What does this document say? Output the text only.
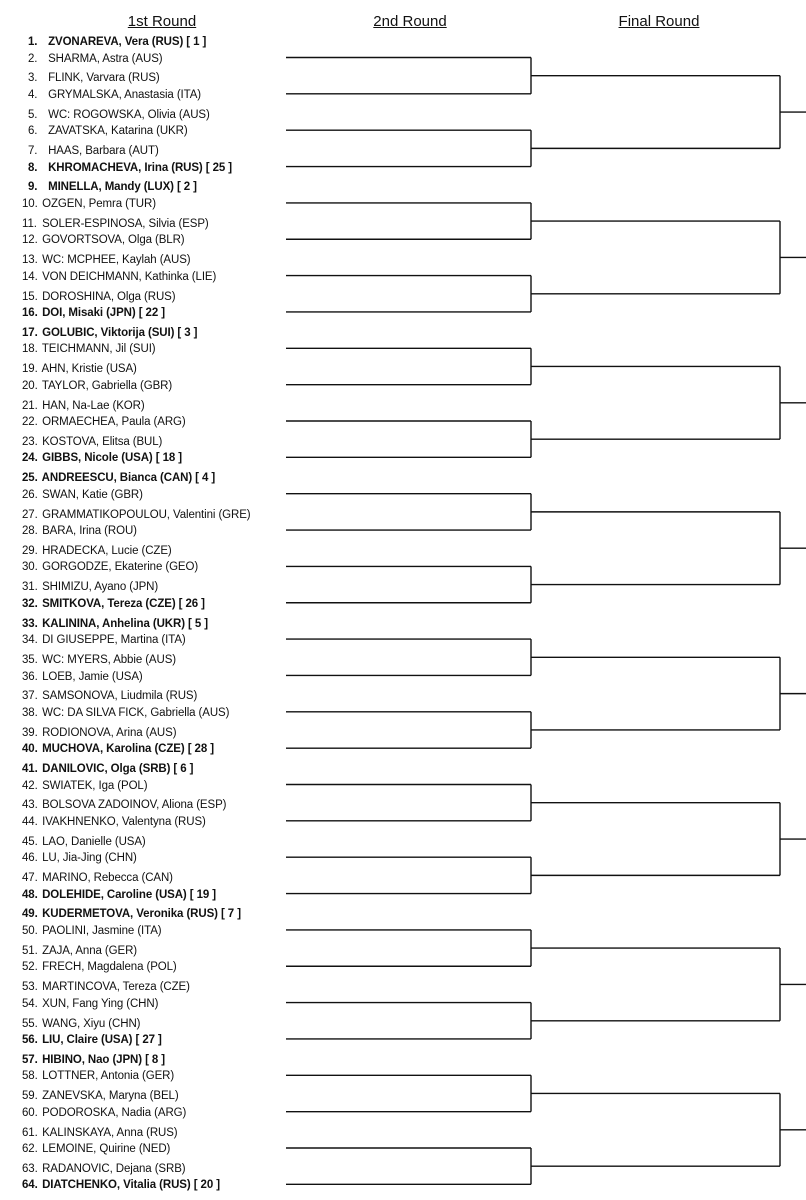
1st Round	2nd Round	Final Round
1. ZVONAREVA, Vera (RUS) [ 1 ]
2. SHARMA, Astra (AUS)
3. FLINK, Varvara (RUS)
4. GRYMALSKA, Anastasia (ITA)
5. WC: ROGOWSKA, Olivia (AUS)
6. ZAVATSKA, Katarina (UKR)
7. HAAS, Barbara (AUT)
8. KHROMACHEVA, Irina (RUS) [ 25 ]
9. MINELLA, Mandy (LUX) [ 2 ]
10. OZGEN, Pemra (TUR)
11. SOLER-ESPINOSA, Silvia (ESP)
12. GOVORTSOVA, Olga (BLR)
13. WC: MCPHEE, Kaylah (AUS)
14. VON DEICHMANN, Kathinka (LIE)
15. DOROSHINA, Olga (RUS)
16. DOI, Misaki (JPN) [ 22 ]
17. GOLUBIC, Viktorija (SUI) [ 3 ]
18. TEICHMANN, Jil (SUI)
19. AHN, Kristie (USA)
20. TAYLOR, Gabriella (GBR)
21. HAN, Na-Lae (KOR)
22. ORMAECHEA, Paula (ARG)
23. KOSTOVA, Elitsa (BUL)
24. GIBBS, Nicole (USA) [ 18 ]
25. ANDREESCU, Bianca (CAN) [ 4 ]
26. SWAN, Katie (GBR)
27. GRAMMATIKOPOULOU, Valentini (GRE)
28. BARA, Irina (ROU)
29. HRADECKA, Lucie (CZE)
30. GORGODZE, Ekaterine (GEO)
31. SHIMIZU, Ayano (JPN)
32. SMITKOVA, Tereza (CZE) [ 26 ]
33. KALININA, Anhelina (UKR) [ 5 ]
34. DI GIUSEPPE, Martina (ITA)
35. WC: MYERS, Abbie (AUS)
36. LOEB, Jamie (USA)
37. SAMSONOVA, Liudmila (RUS)
38. WC: DA SILVA FICK, Gabriella (AUS)
39. RODIONOVA, Arina (AUS)
40. MUCHOVA, Karolina (CZE) [ 28 ]
41. DANILOVIC, Olga (SRB) [ 6 ]
42. SWIATEK, Iga (POL)
43. BOLSOVA ZADOINOV, Aliona (ESP)
44. IVAKHNENKO, Valentyna (RUS)
45. LAO, Danielle (USA)
46. LU, Jia-Jing (CHN)
47. MARINO, Rebecca (CAN)
48. DOLEHIDE, Caroline (USA) [ 19 ]
49. KUDERMETOVA, Veronika (RUS) [ 7 ]
50. PAOLINI, Jasmine (ITA)
51. ZAJA, Anna (GER)
52. FRECH, Magdalena (POL)
53. MARTINCOVA, Tereza (CZE)
54. XUN, Fang Ying (CHN)
55. WANG, Xiyu (CHN)
56. LIU, Claire (USA) [ 27 ]
57. HIBINO, Nao (JPN) [ 8 ]
58. LOTTNER, Antonia (GER)
59. ZANEVSKA, Maryna (BEL)
60. PODOROSKA, Nadia (ARG)
61. KALINSKAYA, Anna (RUS)
62. LEMOINE, Quirine (NED)
63. RADANOVIC, Dejana (SRB)
64. DIATCHENKO, Vitalia (RUS) [ 20 ]
